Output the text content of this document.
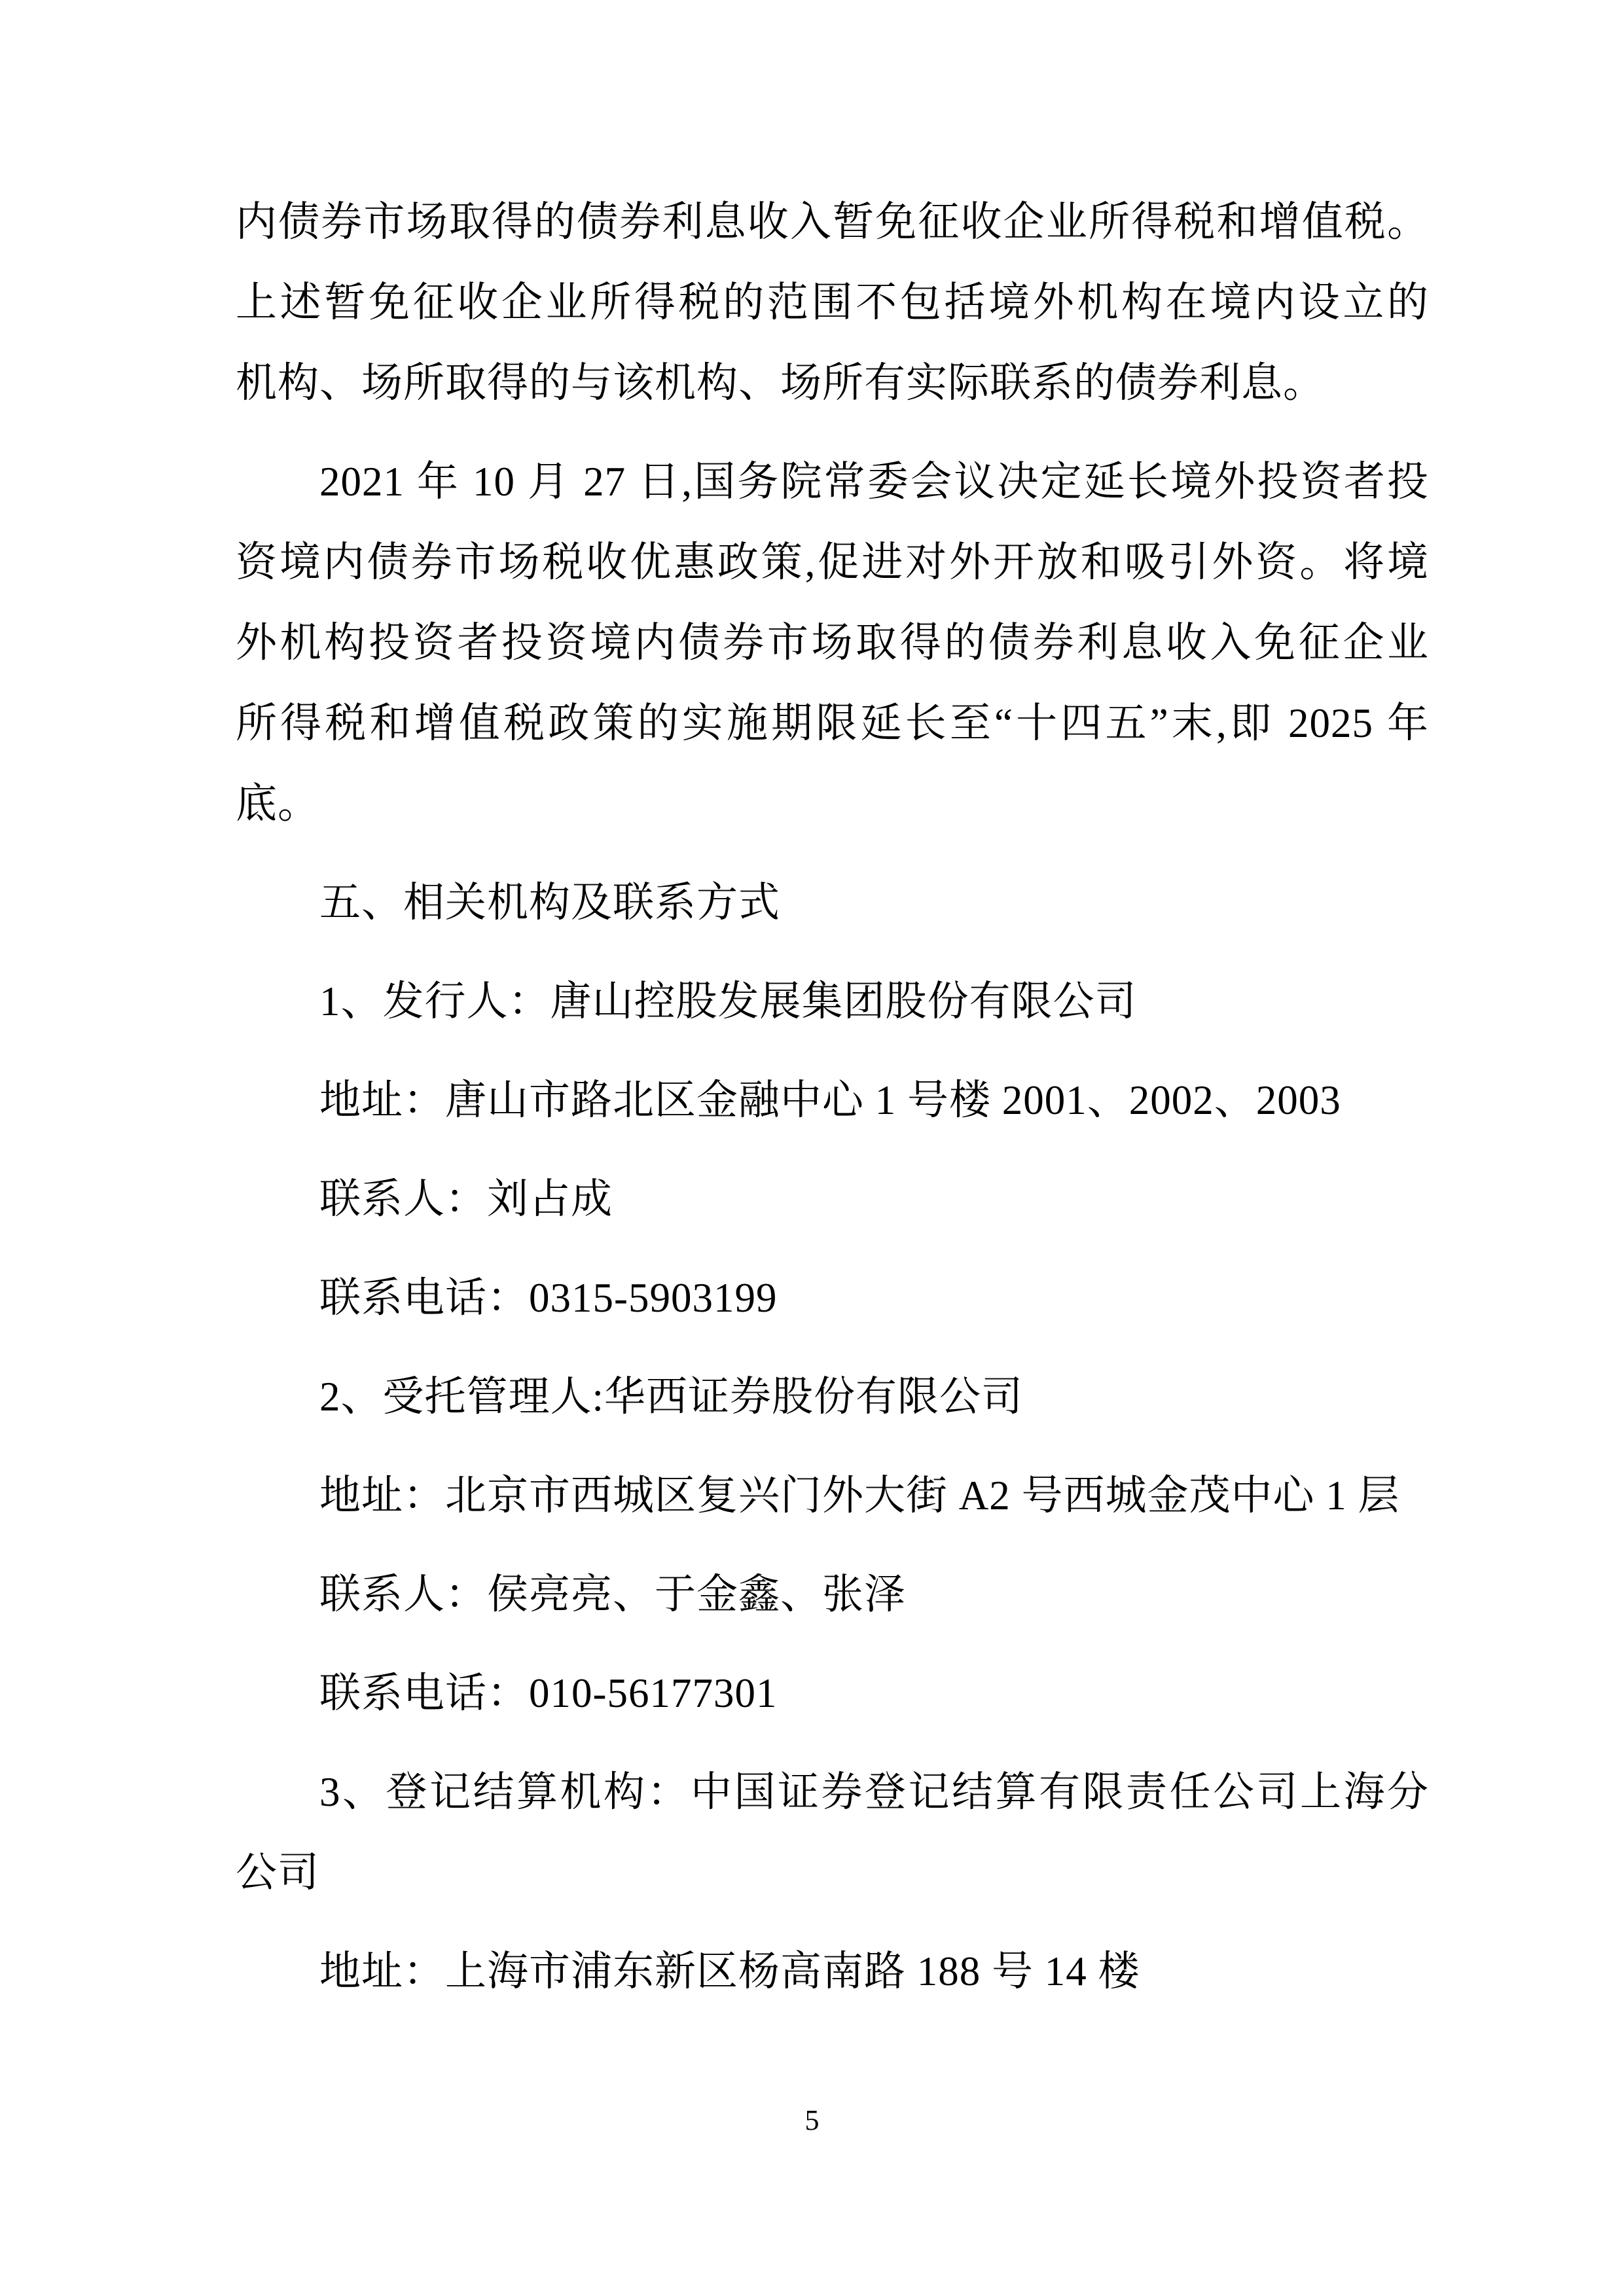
内债券市场取得的债券利息收入暂免征收企业所得税和增值税。
上述暂免征收企业所得税的范围不包括境外机构在境内设立的
机构、场所取得的与该机构、场所有实际联系的债券利息。
2021 年 10 月 27 日,国务院常委会议决定延长境外投资者投
资境内债券市场税收优惠政策,促进对外开放和吸引外资。将境
外机构投资者投资境内债券市场取得的债券利息收入免征企业
所得税和增值税政策的实施期限延长至“十四五”末,即 2025 年
底。
五、相关机构及联系方式
1、发行人：唐山控股发展集团股份有限公司
地址：唐山市路北区金融中心 1 号楼 2001、2002、2003
联系人：刘占成
联系电话：0315-5903199
2、受托管理人:华西证券股份有限公司
地址：北京市西城区复兴门外大街 A2 号西城金茂中心 1 层
联系人：侯亮亮、于金鑫、张泽
联系电话：010-56177301
3、登记结算机构：中国证券登记结算有限责任公司上海分
公司
地址：上海市浦东新区杨高南路 188 号 14 楼
5
